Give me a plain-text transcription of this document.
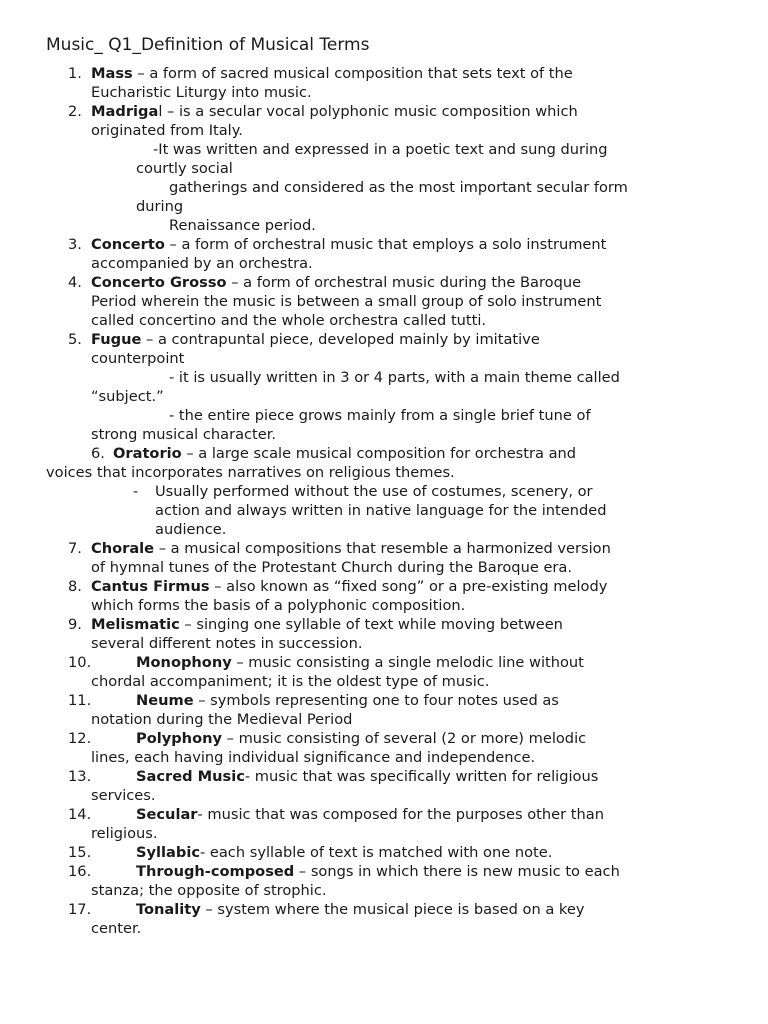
Music_ Q1_Definition of Musical Terms
1. Mass – a form of sacred musical composition that sets text of the
Eucharistic Liturgy into music.
2. Madrigal – is a secular vocal polyphonic music composition which
originated from Italy.
-It was written and expressed in a poetic text and sung during
courtly social
gatherings and considered as the most important secular form
during
Renaissance period.
3. Concerto – a form of orchestral music that employs a solo instrument
accompanied by an orchestra.
4. Concerto Grosso – a form of orchestral music during the Baroque
Period wherein the music is between a small group of solo instrument
called concertino and the whole orchestra called tutti.
5. Fugue – a contrapuntal piece, developed mainly by imitative
counterpoint
- it is usually written in 3 or 4 parts, with a main theme called
“subject.”
- the entire piece grows mainly from a single brief tune of
strong musical character.
6. Oratorio – a large scale musical composition for orchestra and
voices that incorporates narratives on religious themes.
- Usually performed without the use of costumes, scenery, or
action and always written in native language for the intended
audience.
7. Chorale – a musical compositions that resemble a harmonized version
of hymnal tunes of the Protestant Church during the Baroque era.
8. Cantus Firmus – also known as “fixed song” or a pre-existing melody
which forms the basis of a polyphonic composition.
9. Melismatic – singing one syllable of text while moving between
several different notes in succession.
10.	Monophony – music consisting a single melodic line without
chordal accompaniment; it is the oldest type of music.
11.	Neume – symbols representing one to four notes used as
notation during the Medieval Period
12.	Polyphony – music consisting of several (2 or more) melodic
lines, each having individual significance and independence.
13.	Sacred Music- music that was specifically written for religious
services.
14.	Secular- music that was composed for the purposes other than
religious.
15.	Syllabic- each syllable of text is matched with one note.
16.	Through-composed – songs in which there is new music to each
stanza; the opposite of strophic.
17.	Tonality – system where the musical piece is based on a key
center.
